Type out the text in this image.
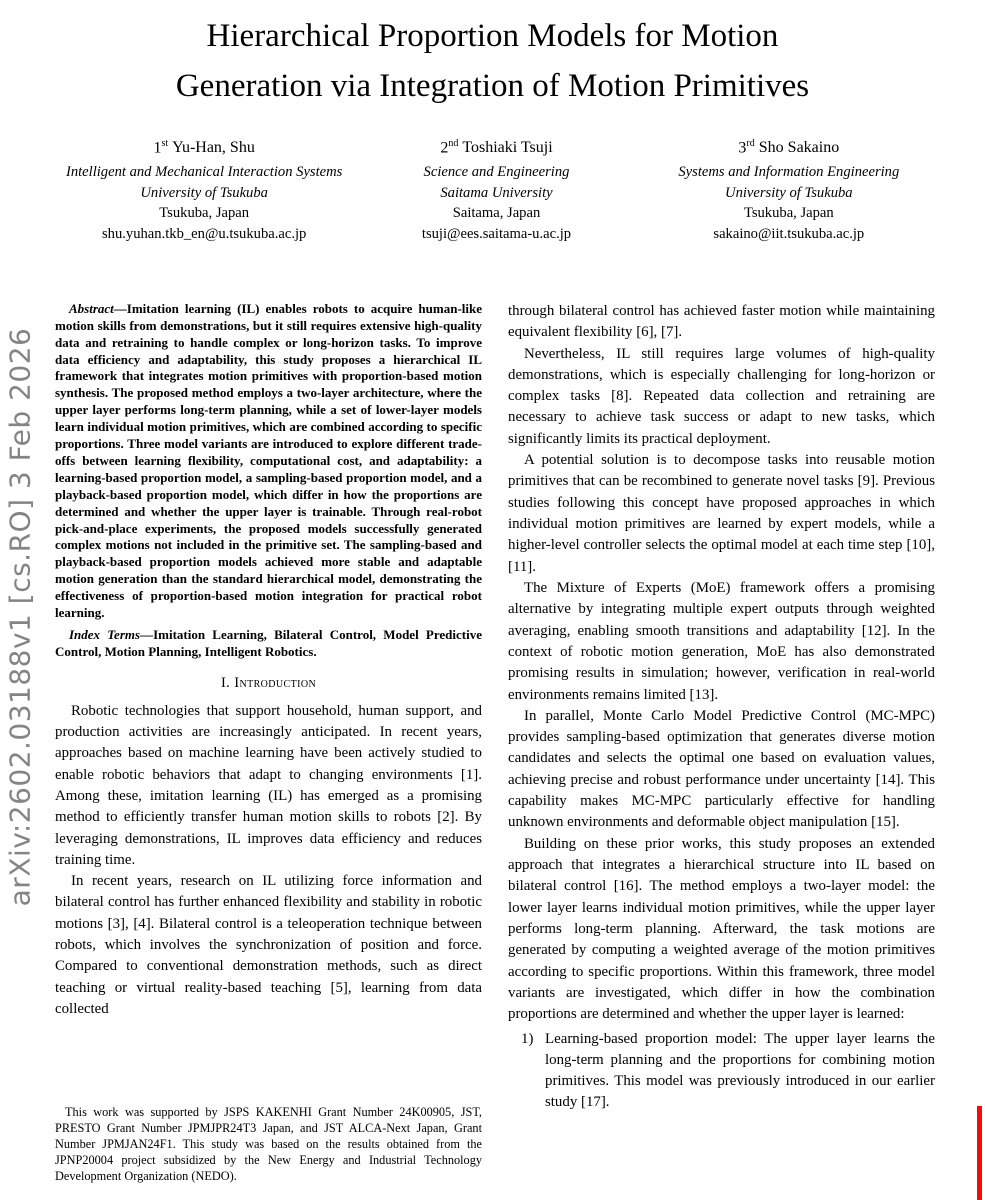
arXiv:2602.03188v1 [cs.RO] 3 Feb 2026
Hierarchical Proportion Models for Motion
Generation via Integration of Motion Primitives
1st Yu-Han, Shu
Intelligent and Mechanical Interaction Systems
University of Tsukuba
Tsukuba, Japan
shu.yuhan.tkb_en@u.tsukuba.ac.jp
2nd Toshiaki Tsuji
Science and Engineering
Saitama University
Saitama, Japan
tsuji@ees.saitama-u.ac.jp
3rd Sho Sakaino
Systems and Information Engineering
University of Tsukuba
Tsukuba, Japan
sakaino@iit.tsukuba.ac.jp

Abstract—Imitation learning (IL) enables robots to acquire human-like motion skills from demonstrations, but it still requires extensive high-quality data and retraining to handle complex or long-horizon tasks. To improve data efficiency and adaptability, this study proposes a hierarchical IL framework that integrates motion primitives with proportion-based motion synthesis. The proposed method employs a two-layer architecture, where the upper layer performs long-term planning, while a set of lower-layer models learn individual motion primitives, which are combined according to specific proportions. Three model variants are introduced to explore different trade-offs between learning flexibility, computational cost, and adaptability: a learning-based proportion model, a sampling-based proportion model, and a playback-based proportion model, which differ in how the proportions are determined and whether the upper layer is trainable. Through real-robot pick-and-place experiments, the proposed models successfully generated complex motions not included in the primitive set. The sampling-based and playback-based proportion models achieved more stable and adaptable motion generation than the standard hierarchical model, demonstrating the effectiveness of proportion-based motion integration for practical robot learning.

Index Terms—Imitation Learning, Bilateral Control, Model Predictive Control, Motion Planning, Intelligent Robotics.

I. Introduction

Robotic technologies that support household, human support, and production activities are increasingly anticipated. In recent years, approaches based on machine learning have been actively studied to enable robotic behaviors that adapt to changing environments [1]. Among these, imitation learning (IL) has emerged as a promising method to efficiently transfer human motion skills to robots [2]. By leveraging demonstrations, IL improves data efficiency and reduces training time.

In recent years, research on IL utilizing force information and bilateral control has further enhanced flexibility and stability in robotic motions [3], [4]. Bilateral control is a teleoperation technique between robots, which involves the synchronization of position and force. Compared to conventional demonstration methods, such as direct teaching or virtual reality-based teaching [5], learning from data collected

through bilateral control has achieved faster motion while maintaining equivalent flexibility [6], [7].

Nevertheless, IL still requires large volumes of high-quality demonstrations, which is especially challenging for long-horizon or complex tasks [8]. Repeated data collection and retraining are necessary to achieve task success or adapt to new tasks, which significantly limits its practical deployment.

A potential solution is to decompose tasks into reusable motion primitives that can be recombined to generate novel tasks [9]. Previous studies following this concept have proposed approaches in which individual motion primitives are learned by expert models, while a higher-level controller selects the optimal model at each time step [10], [11].

The Mixture of Experts (MoE) framework offers a promising alternative by integrating multiple expert outputs through weighted averaging, enabling smooth transitions and adaptability [12]. In the context of robotic motion generation, MoE has also demonstrated promising results in simulation; however, verification in real-world environments remains limited [13].

In parallel, Monte Carlo Model Predictive Control (MC-MPC) provides sampling-based optimization that generates diverse motion candidates and selects the optimal one based on evaluation values, achieving precise and robust performance under uncertainty [14]. This capability makes MC-MPC particularly effective for handling unknown environments and deformable object manipulation [15].

Building on these prior works, this study proposes an extended approach that integrates a hierarchical structure into IL based on bilateral control [16]. The method employs a two-layer model: the lower layer learns individual motion primitives, while the upper layer performs long-term planning. Afterward, the task motions are generated by computing a weighted average of the motion primitives according to specific proportions. Within this framework, three model variants are investigated, which differ in how the combination proportions are determined and whether the upper layer is learned:

1) Learning-based proportion model: The upper layer learns the long-term planning and the proportions for combining motion primitives. This model was previously introduced in our earlier study [17].
This work was supported by JSPS KAKENHI Grant Number 24K00905, JST, PRESTO Grant Number JPMJPR24T3 Japan, and JST ALCA-Next Japan, Grant Number JPMJAN24F1. This study was based on the results obtained from the JPNP20004 project subsidized by the New Energy and Industrial Technology Development Organization (NEDO).
